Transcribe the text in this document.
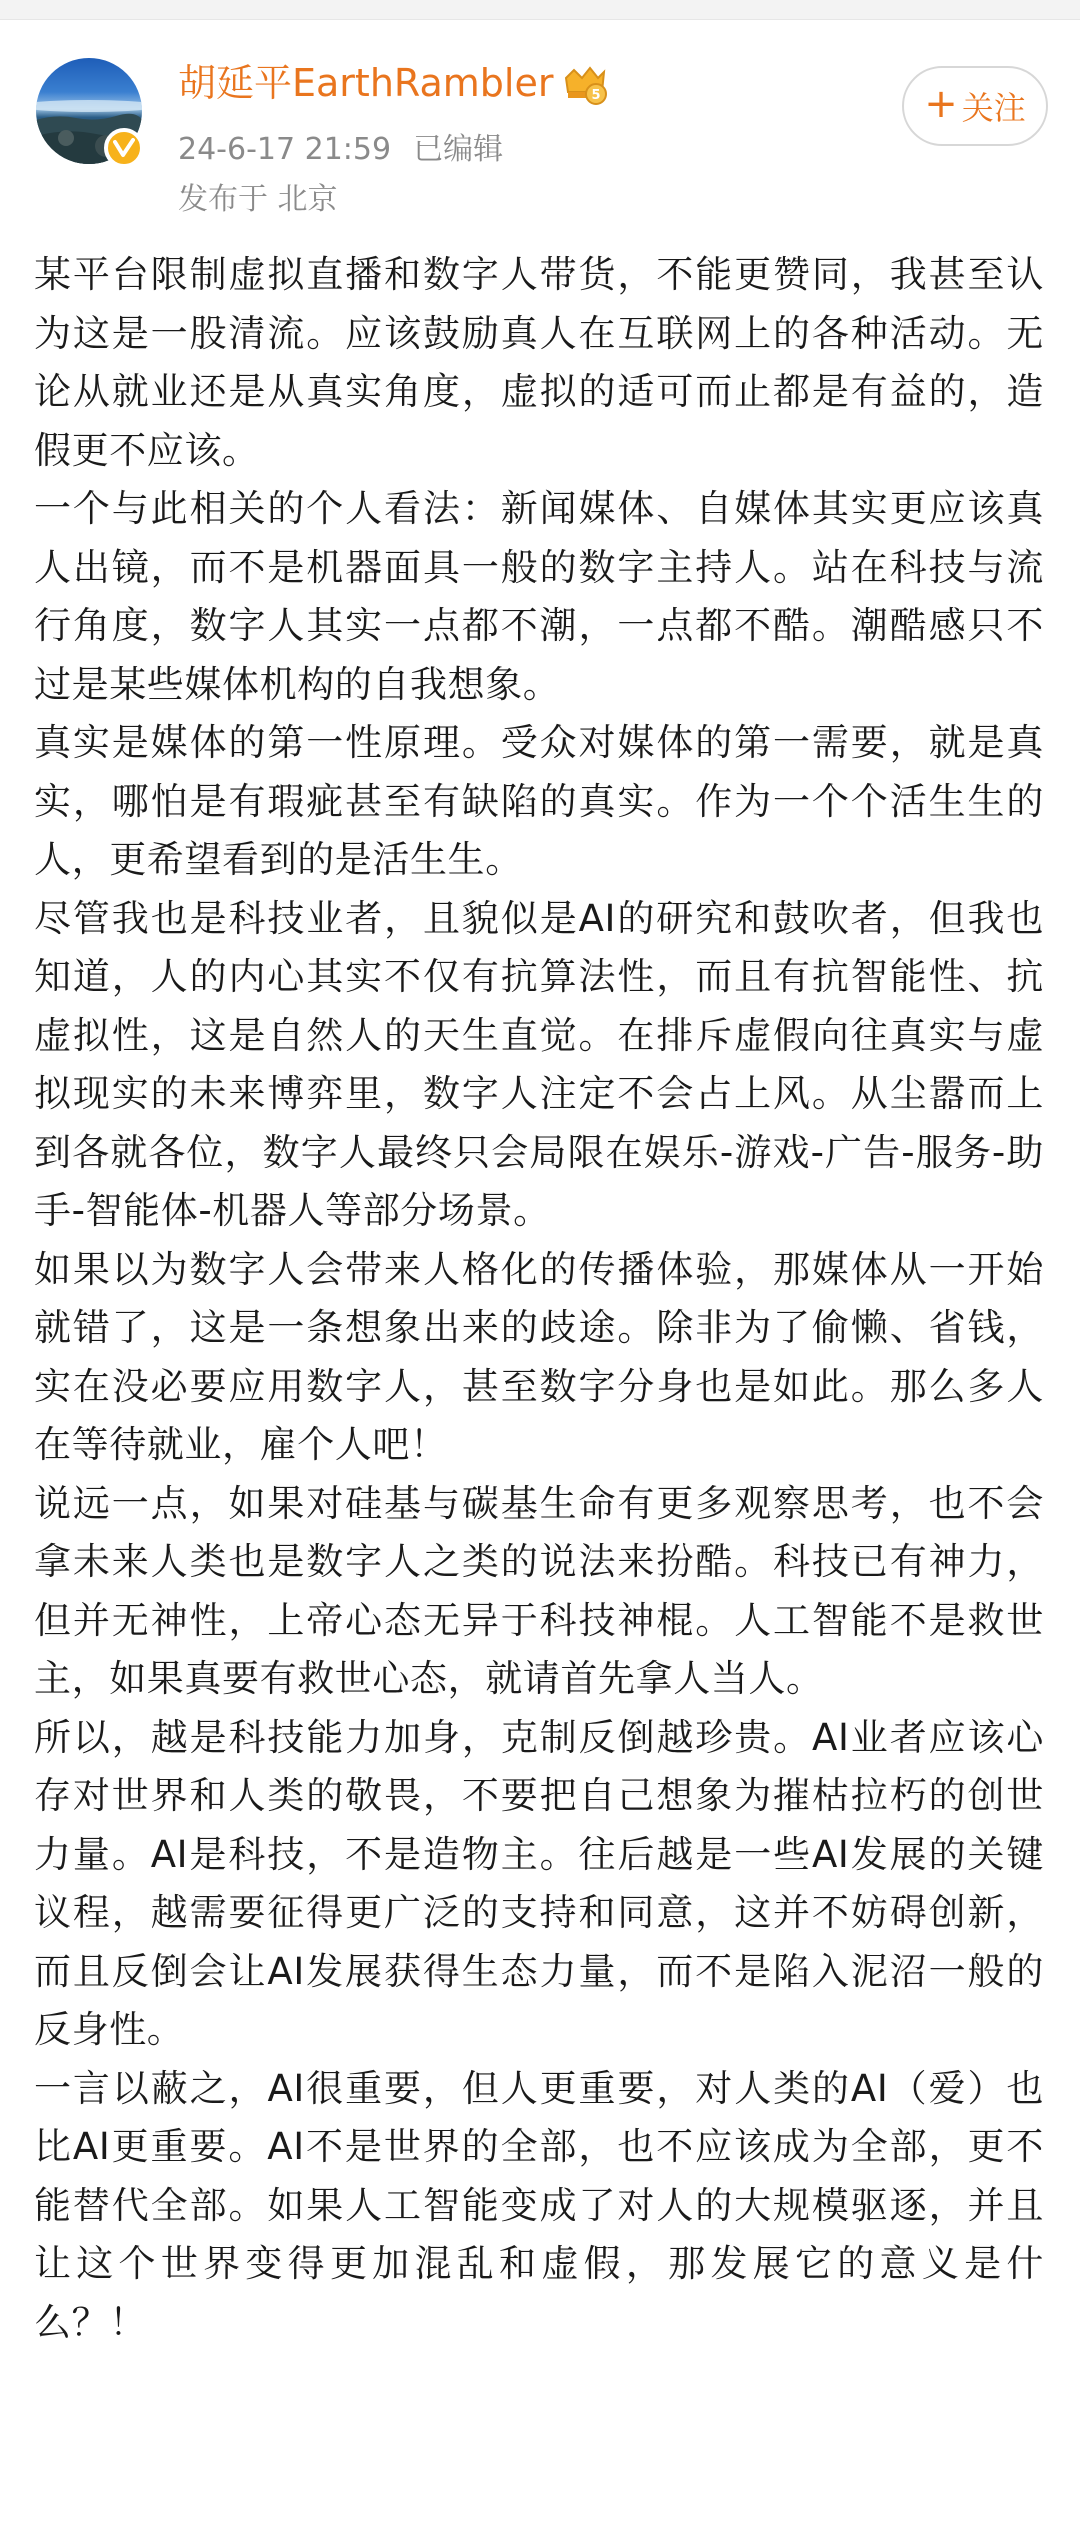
胡延平EarthRambler	5
24-6-17 21:59 已编辑
发布于 北京
+ 关注

某平台限制虚拟直播和数字人带货，不能更赞同，我甚至认为这是一股清流。应该鼓励真人在互联网上的各种活动。无论从就业还是从真实角度，虚拟的适可而止都是有益的，造假更不应该。

一个与此相关的个人看法：新闻媒体、自媒体其实更应该真人出镜，而不是机器面具一般的数字主持人。站在科技与流行角度，数字人其实一点都不潮，一点都不酷。潮酷感只不过是某些媒体机构的自我想象。

真实是媒体的第一性原理。受众对媒体的第一需要，就是真实，哪怕是有瑕疵甚至有缺陷的真实。作为一个个活生生的人，更希望看到的是活生生。

尽管我也是科技业者，且貌似是AI的研究和鼓吹者，但我也知道，人的内心其实不仅有抗算法性，而且有抗智能性、抗虚拟性，这是自然人的天生直觉。在排斥虚假向往真实与虚拟现实的未来博弈里，数字人注定不会占上风。从尘嚣而上到各就各位，数字人最终只会局限在娱乐-游戏-广告-服务-助手-智能体-机器人等部分场景。

如果以为数字人会带来人格化的传播体验，那媒体从一开始就错了，这是一条想象出来的歧途。除非为了偷懒、省钱，实在没必要应用数字人，甚至数字分身也是如此。那么多人在等待就业，雇个人吧！

说远一点，如果对硅基与碳基生命有更多观察思考，也不会拿未来人类也是数字人之类的说法来扮酷。科技已有神力，但并无神性，上帝心态无异于科技神棍。人工智能不是救世主，如果真要有救世心态，就请首先拿人当人。

所以，越是科技能力加身，克制反倒越珍贵。AI业者应该心存对世界和人类的敬畏，不要把自己想象为摧枯拉朽的创世力量。AI是科技，不是造物主。往后越是一些AI发展的关键议程，越需要征得更广泛的支持和同意，这并不妨碍创新，而且反倒会让AI发展获得生态力量，而不是陷入泥沼一般的反身性。

一言以蔽之，AI很重要，但人更重要，对人类的AI（爱）也比AI更重要。AI不是世界的全部，也不应该成为全部，更不能替代全部。如果人工智能变成了对人的大规模驱逐，并且让这个世界变得更加混乱和虚假，那发展它的意义是什么？！
